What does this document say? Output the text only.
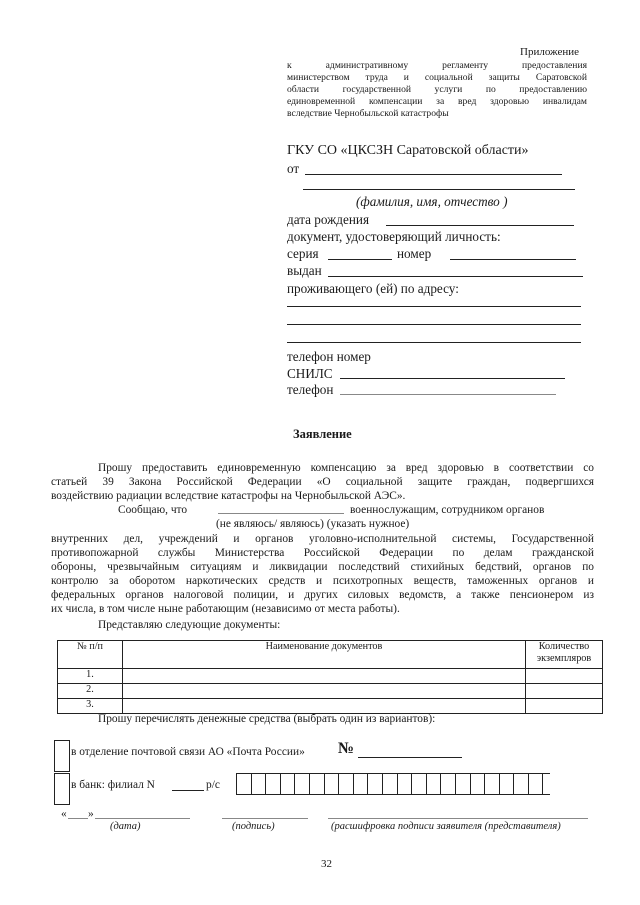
Приложение
к административному регламенту предоставления
министерством труда и социальной защиты Саратовской
области государственной услуги по предоставлению
единовременной компенсации за вред здоровью инвалидам
вследствие Чернобыльской катастрофы
ГКУ СО «ЦКСЗН Саратовской области»
от
(фамилия, имя, отчество )
дата рождения
документ, удостоверяющий личность:
серия	номер
выдан
проживающего (ей) по адресу:
телефон номер
СНИЛС
телефон
Заявление
Прошу предоставить единовременную компенсацию за вред здоровью в соответствии со
статьей 39 Закона Российской Федерации «О социальной защите граждан, подвергшихся
воздействию радиации вследствие катастрофы на Чернобыльской АЭС».
Сообщаю, что	военнослужащим, сотрудником органов
(не являюсь/ являюсь) (указать нужное)
внутренних дел, учреждений и органов уголовно-исполнительной системы, Государственной
противопожарной службы Министерства Российской Федерации по делам гражданской
обороны, чрезвычайным ситуациям и ликвидации последствий стихийных бедствий, органов по
контролю за оборотом наркотических средств и психотропных веществ, таможенных органов и
федеральных органов налоговой полиции, и других силовых ведомств, а также пенсионером из
их числа, в том числе ныне работающим (независимо от места работы).
Представляю следующие документы:
№ п/п	Наименование документов	Количество
экземпляров
1.		
2.		
3.		
Прошу перечислять денежные средства (выбрать один из вариантов):
в отделение почтовой связи АО «Почта России» №
в банк: филиал N	р/с
« »
(дата)	(подпись)	(расшифровка подписи заявителя (представителя)
32
